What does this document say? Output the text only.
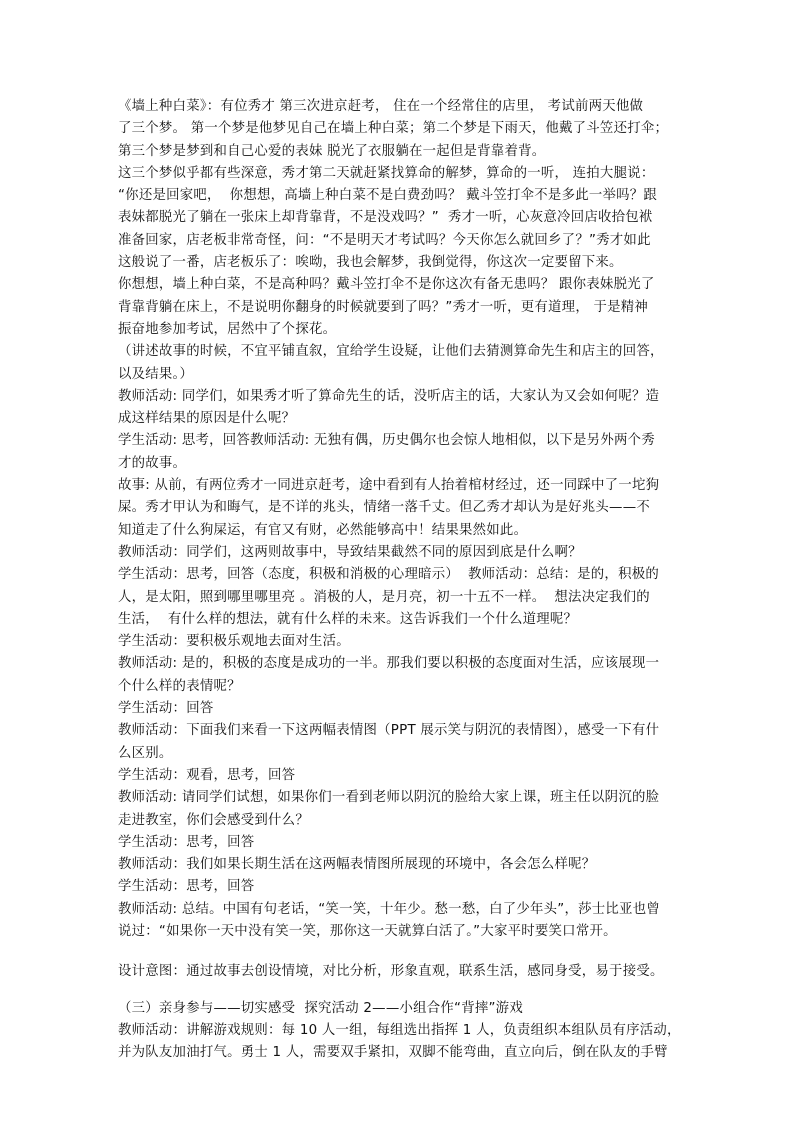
《墙上种白菜》：有位秀才 第三次进京赶考， 住在一个经常住的店里， 考试前两天他做

了三个梦。 第一个梦是他梦见自己在墙上种白菜；第二个梦是下雨天，他戴了斗笠还打伞；

第三个梦是梦到和自己心爱的表妹 脱光了衣服躺在一起但是背靠着背。

这三个梦似乎都有些深意，秀才第二天就赶紧找算命的解梦，算命的一听， 连拍大腿说：

“你还是回家吧，  你想想，高墙上种白菜不是白费劲吗？ 戴斗笠打伞不是多此一举吗？跟

表妹都脱光了躺在一张床上却背靠背，不是没戏吗？”  秀才一听，心灰意冷回店收拾包袱

准备回家，店老板非常奇怪，问：“不是明天才考试吗？今天你怎么就回乡了？”秀才如此

这般说了一番，店老板乐了：唉呦，我也会解梦，我倒觉得，你这次一定要留下来。

你想想，墙上种白菜，不是高种吗？戴斗笠打伞不是你这次有备无患吗？ 跟你表妹脱光了

背靠背躺在床上，不是说明你翻身的时候就要到了吗？”秀才一听，更有道理， 于是精神

振奋地参加考试，居然中了个探花。

（讲述故事的时候，不宜平铺直叙，宜给学生设疑，让他们去猜测算命先生和店主的回答，

以及结果。）

教师活动: 同学们，如果秀才听了算命先生的话，没听店主的话，大家认为又会如何呢？造

成这样结果的原因是什么呢？

学生活动: 思考，回答教师活动: 无独有偶，历史偶尔也会惊人地相似，以下是另外两个秀

才的故事。

故事: 从前，有两位秀才一同进京赶考，途中看到有人抬着棺材经过，还一同踩中了一坨狗

屎。秀才甲认为和晦气，是不详的兆头，情绪一落千丈。但乙秀才却认为是好兆头——不

知道走了什么狗屎运，有官又有财，必然能够高中！结果果然如此。

教师活动：同学们，这两则故事中，导致结果截然不同的原因到底是什么啊？

学生活动：思考，回答（态度，积极和消极的心理暗示）  教师活动：总结：是的，积极的

人，是太阳，照到哪里哪里亮 。消极的人，是月亮，初一十五不一样。  想法决定我们的

生活，  有什么样的想法，就有什么样的未来。这告诉我们一个什么道理呢？

学生活动：要积极乐观地去面对生活。

教师活动: 是的，积极的态度是成功的一半。那我们要以积极的态度面对生活，应该展现一

个什么样的表情呢？

学生活动：回答

教师活动：下面我们来看一下这两幅表情图（PPT 展示笑与阴沉的表情图），感受一下有什

么区别。

学生活动：观看，思考，回答

教师活动: 请同学们试想，如果你们一看到老师以阴沉的脸给大家上课，班主任以阴沉的脸

走进教室，你们会感受到什么？

学生活动：思考，回答

教师活动：我们如果长期生活在这两幅表情图所展现的环境中，各会怎么样呢？

学生活动：思考，回答

教师活动: 总结。中国有句老话，“笑一笑，十年少。愁一愁，白了少年头”，莎士比亚也曾

说过：“如果你一天中没有笑一笑，那你这一天就算白活了。”大家平时要笑口常开。

设计意图：通过故事去创设情境，对比分析，形象直观，联系生活，感同身受，易于接受。

（三）亲身参与——切实感受  探究活动 2——小组合作“背摔”游戏

教师活动：讲解游戏规则：每 10 人一组，每组选出指挥 1 人，负责组织本组队员有序活动，

并为队友加油打气。勇士 1 人，需要双手紧扣，双脚不能弯曲，直立向后，倒在队友的手臂
